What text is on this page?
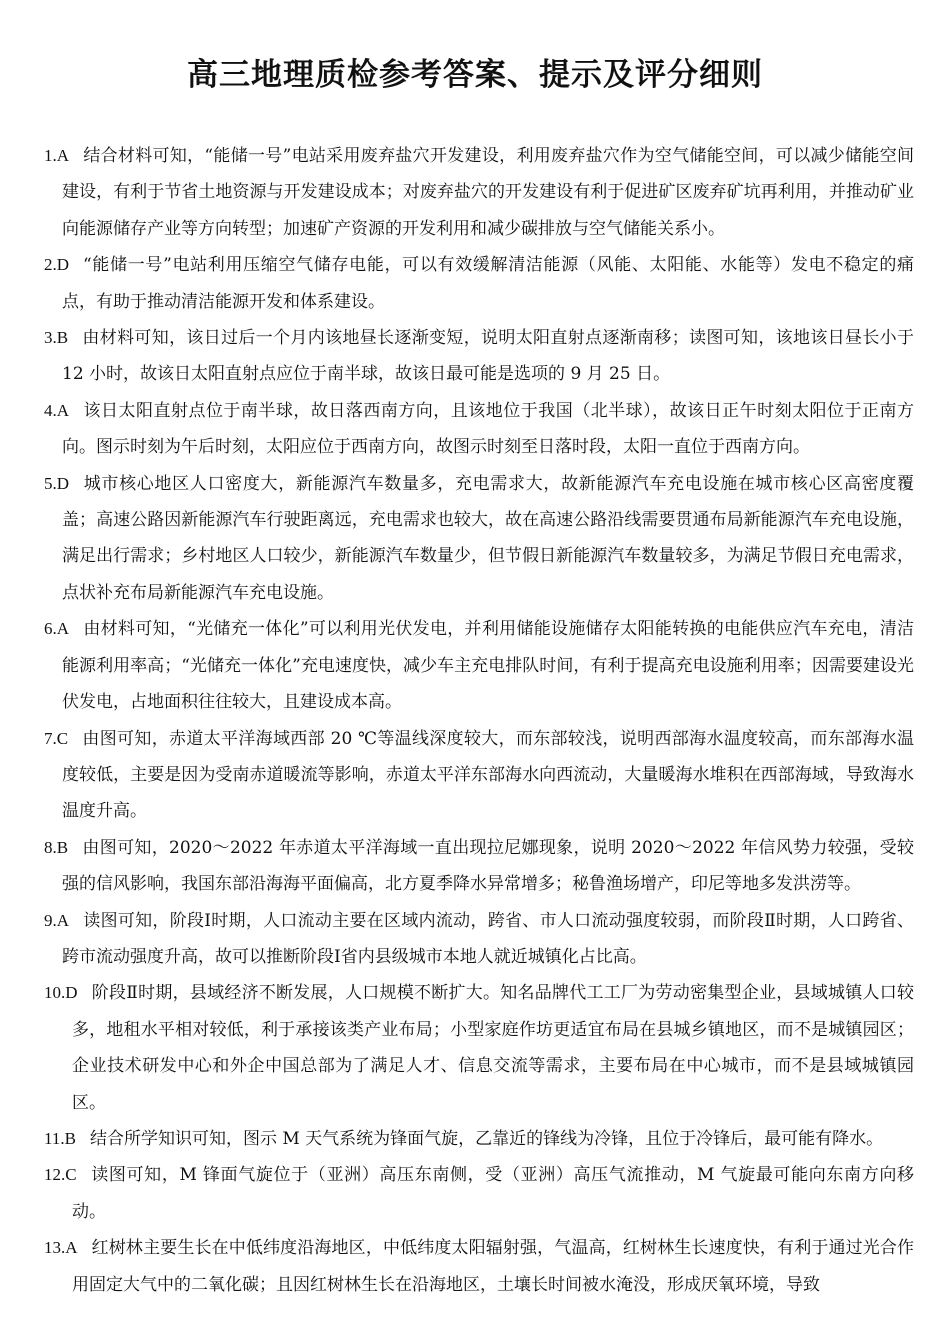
高三地理质检参考答案、提示及评分细则
1.A 结合材料可知，“能储一号”电站采用废弃盐穴开发建设，利用废弃盐穴作为空气储能空间，可以减少储能空间建设，有利于节省土地资源与开发建设成本；对废弃盐穴的开发建设有利于促进矿区废弃矿坑再利用，并推动矿业向能源储存产业等方向转型；加速矿产资源的开发利用和减少碳排放与空气储能关系小。
2.D “能储一号”电站利用压缩空气储存电能，可以有效缓解清洁能源（风能、太阳能、水能等）发电不稳定的痛点，有助于推动清洁能源开发和体系建设。
3.B 由材料可知，该日过后一个月内该地昼长逐渐变短，说明太阳直射点逐渐南移；读图可知，该地该日昼长小于 12 小时，故该日太阳直射点应位于南半球，故该日最可能是选项的 9 月 25 日。
4.A 该日太阳直射点位于南半球，故日落西南方向，且该地位于我国（北半球），故该日正午时刻太阳位于正南方向。图示时刻为午后时刻，太阳应位于西南方向，故图示时刻至日落时段，太阳一直位于西南方向。
5.D 城市核心地区人口密度大，新能源汽车数量多，充电需求大，故新能源汽车充电设施在城市核心区高密度覆盖；高速公路因新能源汽车行驶距离远，充电需求也较大，故在高速公路沿线需要贯通布局新能源汽车充电设施，满足出行需求；乡村地区人口较少，新能源汽车数量少，但节假日新能源汽车数量较多，为满足节假日充电需求，点状补充布局新能源汽车充电设施。
6.A 由材料可知，“光储充一体化”可以利用光伏发电，并利用储能设施储存太阳能转换的电能供应汽车充电，清洁能源利用率高；“光储充一体化”充电速度快，减少车主充电排队时间，有利于提高充电设施利用率；因需要建设光伏发电，占地面积往往较大，且建设成本高。
7.C 由图可知，赤道太平洋海域西部 20 ℃等温线深度较大，而东部较浅，说明西部海水温度较高，而东部海水温度较低，主要是因为受南赤道暖流等影响，赤道太平洋东部海水向西流动，大量暖海水堆积在西部海域，导致海水温度升高。
8.B 由图可知，2020～2022 年赤道太平洋海域一直出现拉尼娜现象，说明 2020～2022 年信风势力较强，受较强的信风影响，我国东部沿海海平面偏高，北方夏季降水异常增多；秘鲁渔场增产，印尼等地多发洪涝等。
9.A 读图可知，阶段Ⅰ时期，人口流动主要在区域内流动，跨省、市人口流动强度较弱，而阶段Ⅱ时期，人口跨省、跨市流动强度升高，故可以推断阶段Ⅰ省内县级城市本地人就近城镇化占比高。
10.D 阶段Ⅱ时期，县域经济不断发展，人口规模不断扩大。知名品牌代工工厂为劳动密集型企业，县域城镇人口较多，地租水平相对较低，利于承接该类产业布局；小型家庭作坊更适宜布局在县城乡镇地区，而不是城镇园区；企业技术研发中心和外企中国总部为了满足人才、信息交流等需求，主要布局在中心城市，而不是县域城镇园区。
11.B 结合所学知识可知，图示 M 天气系统为锋面气旋，乙靠近的锋线为冷锋，且位于冷锋后，最可能有降水。
12.C 读图可知，M 锋面气旋位于（亚洲）高压东南侧，受（亚洲）高压气流推动，M 气旋最可能向东南方向移动。
13.A 红树林主要生长在中低纬度沿海地区，中低纬度太阳辐射强，气温高，红树林生长速度快，有利于通过光合作用固定大气中的二氧化碳；且因红树林生长在沿海地区，土壤长时间被水淹没，形成厌氧环境，导致
